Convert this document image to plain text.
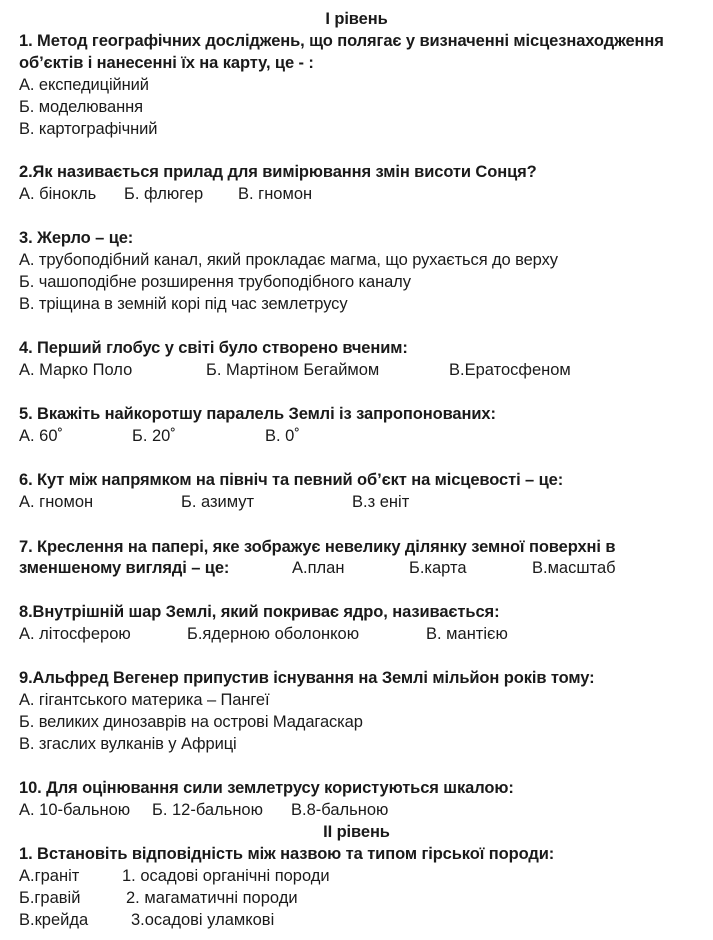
I рівень
1. Метод географічних досліджень, що полягає у визначенні місцезнаходження
об’єктів і нанесенні їх на карту, це - :
А. експедиційний
Б. моделювання
В. картографічний
2.Як називається прилад для вимірювання змін висоти Сонця?
А. бінокль Б. флюгер В. гномон
3. Жерло – це:
А. трубоподібний канал, який прокладає магма, що рухається до верху
Б. чашоподібне розширення трубоподібного каналу
В. тріщина в земній корі під час землетрусу
4. Перший глобус у світі було створено вченим:
А. Марко Поло	Б. Мартіном Бегаймом	В.Ератосфеном
5. Вкажіть найкоротшу паралель Землі із запропонованих:
А. 60˚	Б. 20˚	В. 0˚
6. Кут між напрямком на північ та певний об’єкт на місцевості – це:
А. гномон	Б. азимут	В.з еніт
7. Креслення на папері, яке зображує невелику ділянку земної поверхні в
зменшеному вигляді – це:	А.план	Б.карта	В.масштаб
8.Внутрішній шар Землі, який покриває ядро, називається:
А. літосферою	Б.ядерною оболонкою	В. мантією
9.Альфред Вегенер припустив існування на Землі мільйон років тому:
А. гігантського материка – Пангеї
Б. великих динозаврів на острові Мадагаскар
В. згаслих вулканів у Африці
10. Для оцінювання сили землетрусу користуються шкалою:
А. 10-бальною Б. 12-бальною В.8-бальною
II рівень
1. Встановіть відповідність між назвою та типом гірської породи:
А.граніт	1. осадові органічні породи
Б.гравій	2. магаматичні породи
В.крейда	3.осадові уламкові
